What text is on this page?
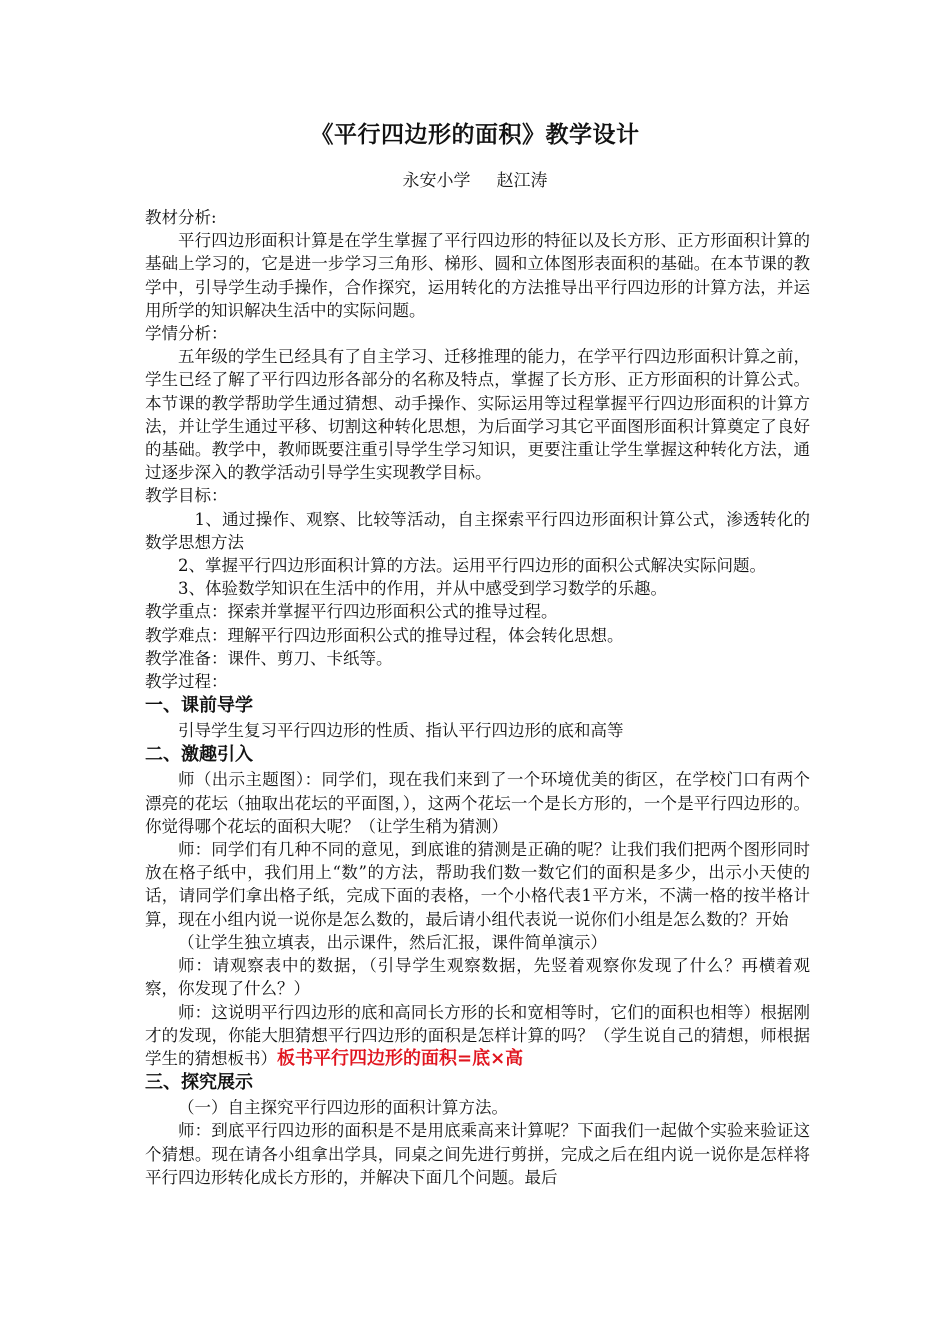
《平行四边形的面积》教学设计
永安小学 赵江涛

教材分析:

平行四边形面积计算是在学生掌握了平行四边形的特征以及长方形、正方形面积计算的基础上学习的，它是进一步学习三角形、梯形、圆和立体图形表面积的基础。在本节课的教学中，引导学生动手操作，合作探究，运用转化的方法推导出平行四边形的计算方法，并运用所学的知识解决生活中的实际问题。

学情分析：

五年级的学生已经具有了自主学习、迁移推理的能力，在学平行四边形面积计算之前，学生已经了解了平行四边形各部分的名称及特点，掌握了长方形、正方形面积的计算公式。 本节课的教学帮助学生通过猜想、动手操作、实际运用等过程掌握平行四边形面积的计算方法，并让学生通过平移、切割这种转化思想，为后面学习其它平面图形面积计算奠定了良好的基础。教学中，教师既要注重引导学生学习知识，更要注重让学生掌握这种转化方法，通过逐步深入的教学活动引导学生实现教学目标。

教学目标：

1、通过操作、观察、比较等活动，自主探索平行四边形面积计算公式，渗透转化的数学思想方法

2、掌握平行四边形面积计算的方法。运用平行四边形的面积公式解决实际问题。

3、体验数学知识在生活中的作用，并从中感受到学习数学的乐趣。

教学重点：探索并掌握平行四边形面积公式的推导过程。

教学难点：理解平行四边形面积公式的推导过程，体会转化思想。

教学准备：课件、剪刀、卡纸等。

教学过程：

一、课前导学

引导学生复习平行四边形的性质、指认平行四边形的底和高等

二、激趣引入

师（出示主题图）：同学们，现在我们来到了一个环境优美的街区，在学校门口有两个漂亮的花坛（抽取出花坛的平面图，），这两个花坛一个是长方形的，一个是平行四边形的。你觉得哪个花坛的面积大呢？（让学生稍为猜测）

师：同学们有几种不同的意见，到底谁的猜测是正确的呢？让我们我们把两个图形同时放在格子纸中，我们用上“数”的方法，帮助我们数一数它们的面积是多少，出示小天使的话，请同学们拿出格子纸，完成下面的表格，一个小格代表1平方米，不满一格的按半格计算，现在小组内说一说你是怎么数的，最后请小组代表说一说你们小组是怎么数的？开始

（让学生独立填表，出示课件，然后汇报，课件简单演示）

师：请观察表中的数据，（引导学生观察数据，先竖着观察你发现了什么？再横着观察，你发现了什么？）

师：这说明平行四边形的底和高同长方形的长和宽相等时，它们的面积也相等）根据刚才的发现，你能大胆猜想平行四边形的面积是怎样计算的吗？（学生说自己的猜想，师根据学生的猜想板书）板书平行四边形的面积=底×高

三、探究展示

（一）自主探究平行四边形的面积计算方法。

师：到底平行四边形的面积是不是用底乘高来计算呢？下面我们一起做个实验来验证这个猜想。现在请各小组拿出学具，同桌之间先进行剪拼，完成之后在组内说一说你是怎样将平行四边形转化成长方形的，并解决下面几个问题。最后
